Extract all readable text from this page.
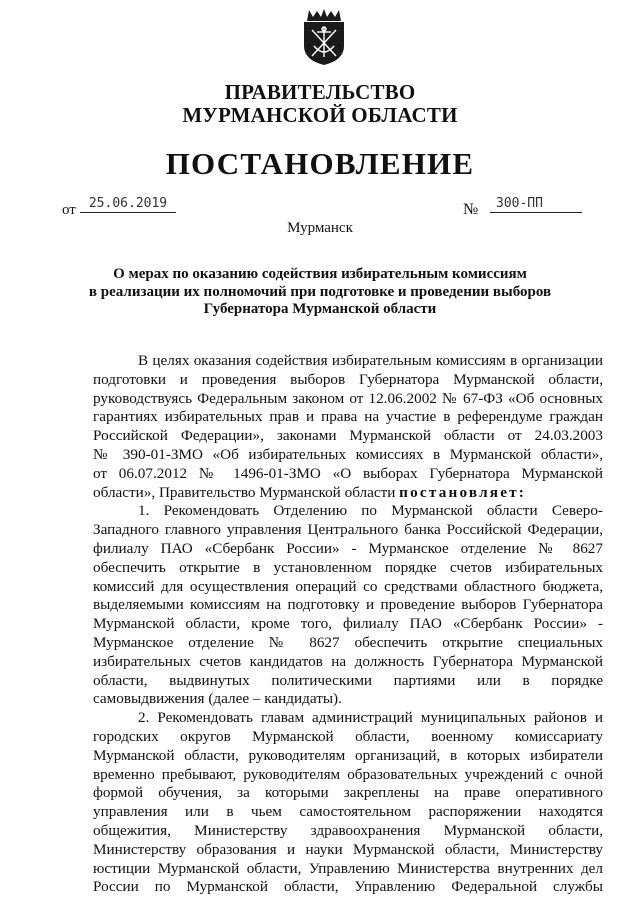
ПРАВИТЕЛЬСТВО
МУРМАНСКОЙ ОБЛАСТИ
ПОСТАНОВЛЕНИЕ
от	25.06.2019	№	300-ПП
Мурманск
О мерах по оказанию содействия избирательным комиссиям
в реализации их полномочий при подготовке и проведении выборов
Губернатора Мурманской области
В целях оказания содействия избирательным комиссиям в организации
подготовки и проведения выборов Губернатора Мурманской области,
руководствуясь Федеральным законом от 12.06.2002 № 67-ФЗ «Об основных
гарантиях избирательных прав и права на участие в референдуме граждан
Российской Федерации», законами Мурманской области от 24.03.2003
№ 390-01-ЗМО «Об избирательных комиссиях в Мурманской области»,
от 06.07.2012 № 1496-01-ЗМО «О выборах Губернатора Мурманской
области», Правительство Мурманской области постановляет:
1. Рекомендовать Отделению по Мурманской области Северо-
Западного главного управления Центрального банка Российской Федерации,
филиалу ПАО «Сбербанк России» - Мурманское отделение № 8627
обеспечить открытие в установленном порядке счетов избирательных
комиссий для осуществления операций со средствами областного бюджета,
выделяемыми комиссиям на подготовку и проведение выборов Губернатора
Мурманской области, кроме того, филиалу ПАО «Сбербанк России» -
Мурманское отделение № 8627 обеспечить открытие специальных
избирательных счетов кандидатов на должность Губернатора Мурманской
области, выдвинутых политическими партиями или в порядке
самовыдвижения (далее – кандидаты).
2. Рекомендовать главам администраций муниципальных районов и
городских округов Мурманской области, военному комиссариату
Мурманской области, руководителям организаций, в которых избиратели
временно пребывают, руководителям образовательных учреждений с очной
формой обучения, за которыми закреплены на праве оперативного
управления или в чьем самостоятельном распоряжении находятся
общежития, Министерству здравоохранения Мурманской области,
Министерству образования и науки Мурманской области, Министерству
юстиции Мурманской области, Управлению Министерства внутренних дел
России по Мурманской области, Управлению Федеральной службы
